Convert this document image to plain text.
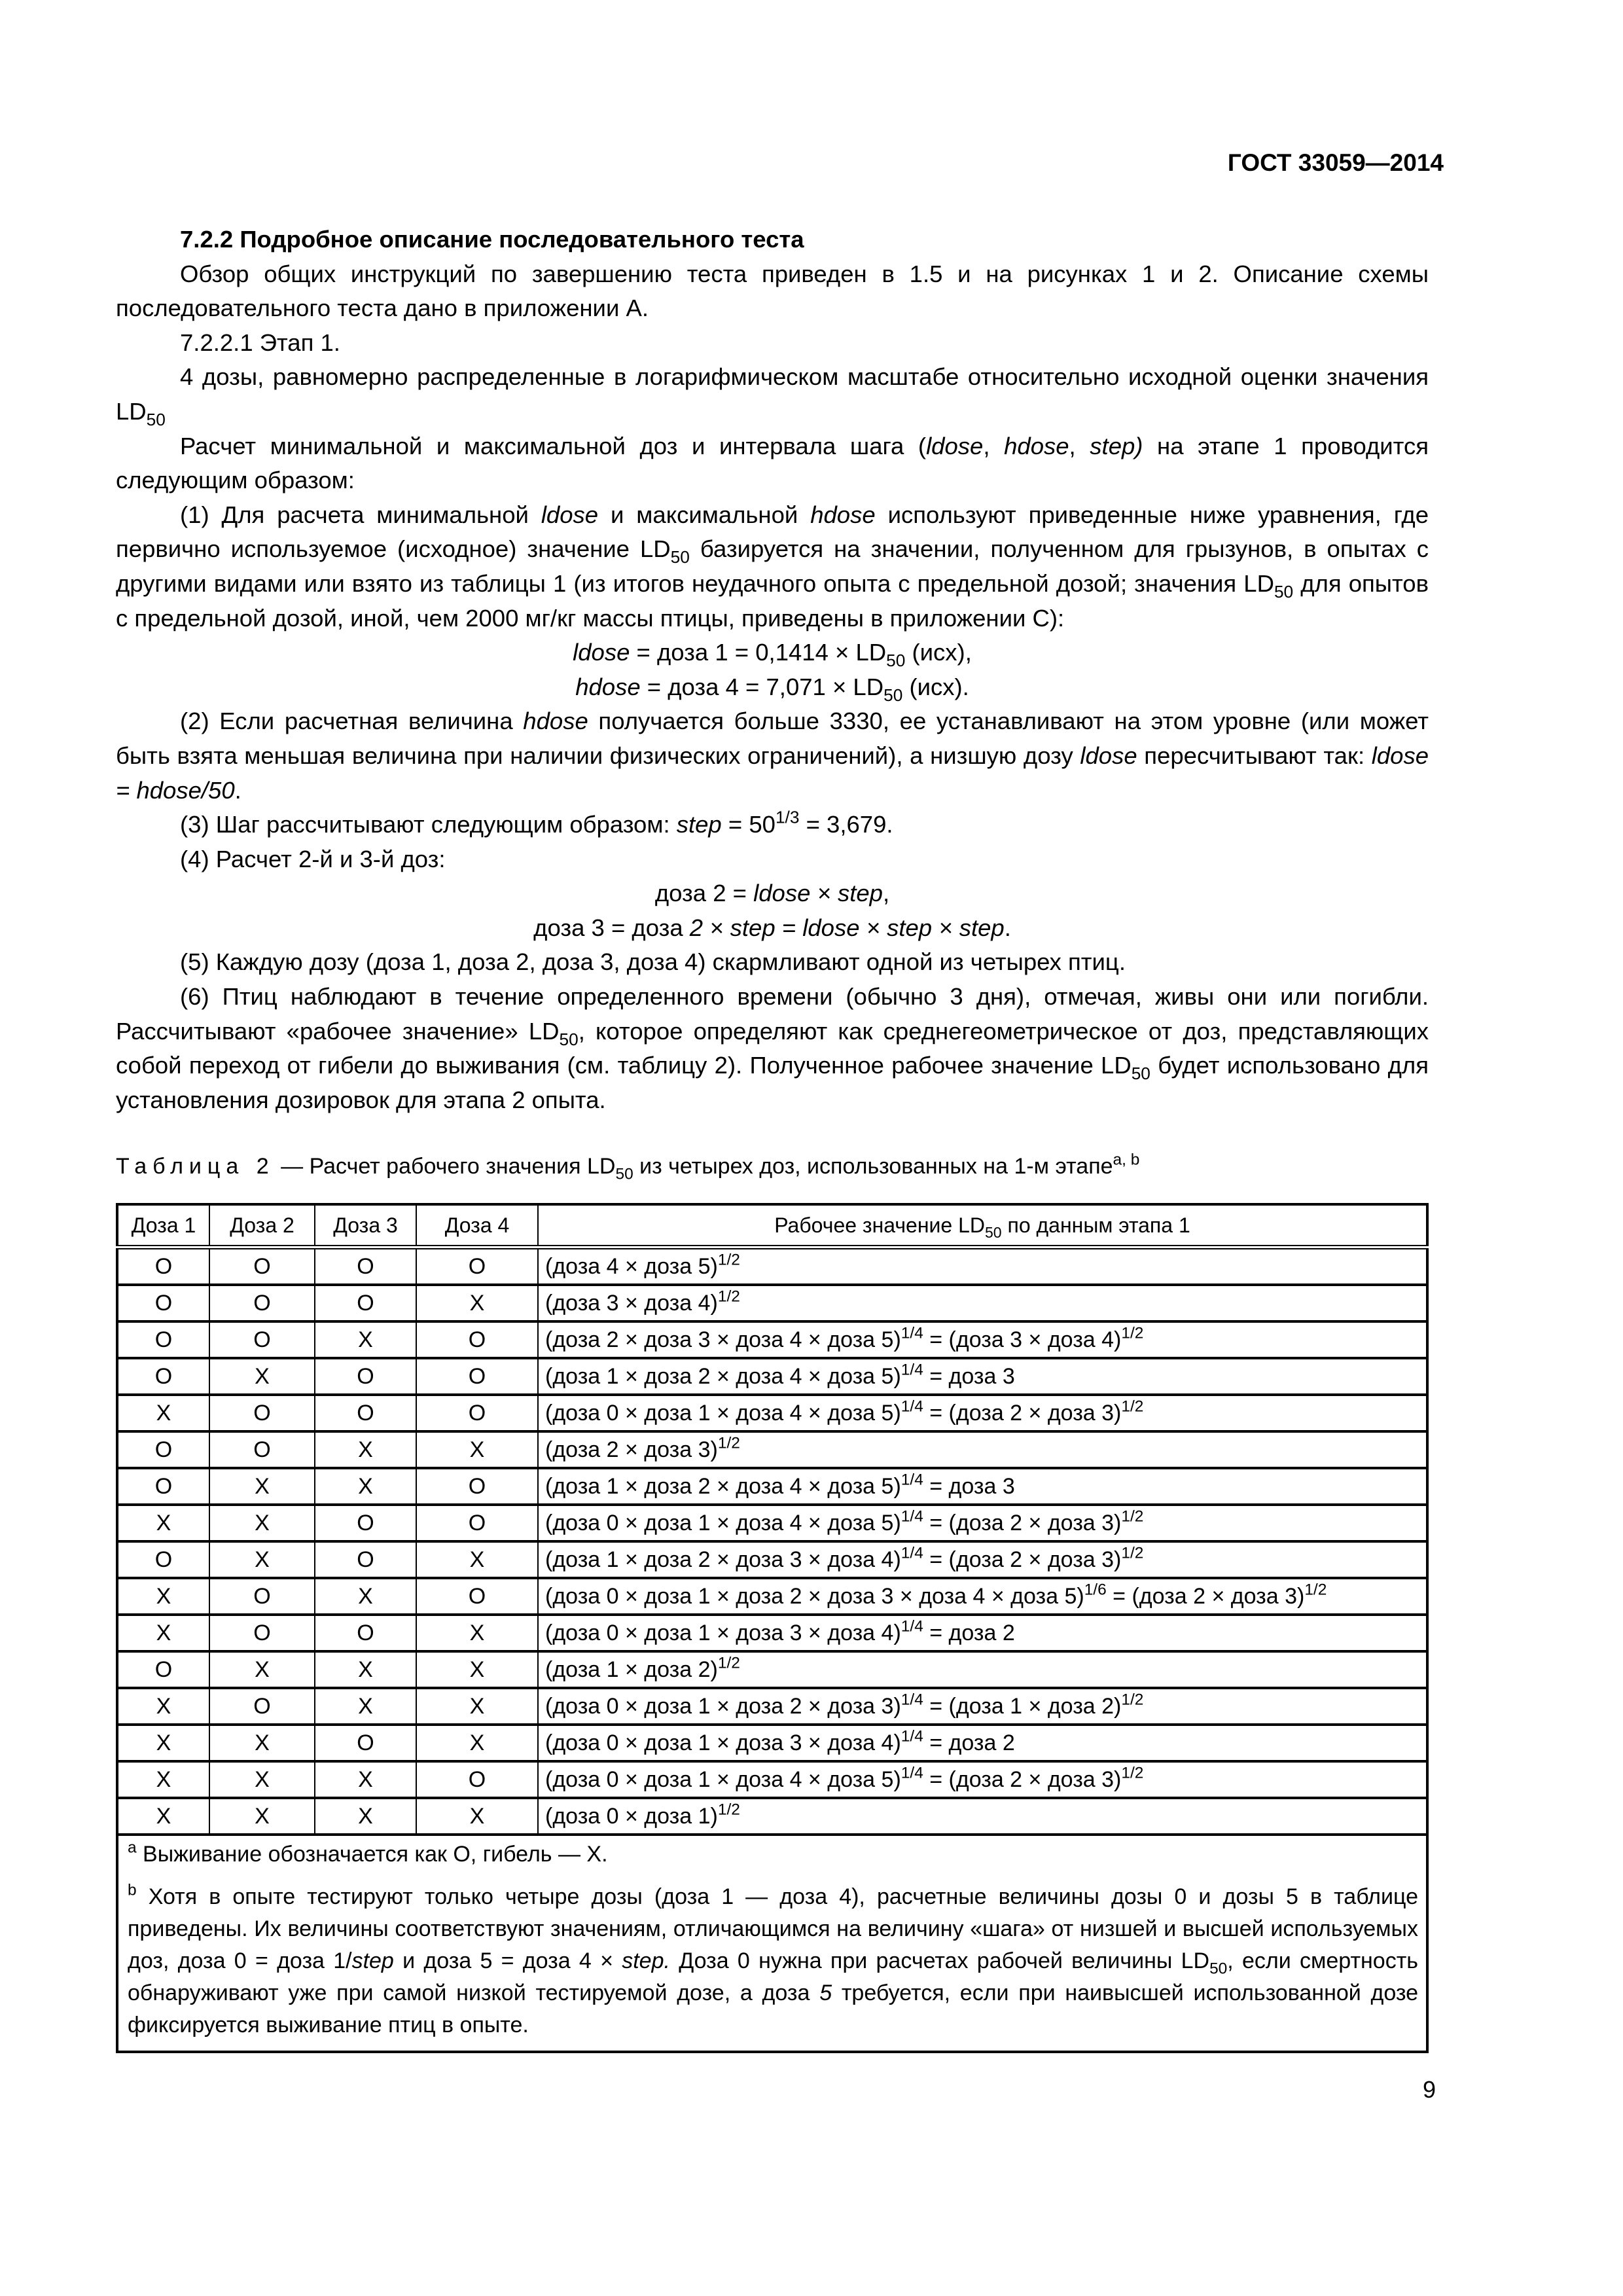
ГОСТ 33059—2014

7.2.2 Подробное описание последовательного теста

Обзор общих инструкций по завершению теста приведен в 1.5 и на рисунках 1 и 2. Описание схемы последовательного теста дано в приложении А.

7.2.2.1 Этап 1.

4 дозы, равномерно распределенные в логарифмическом масштабе относительно исходной оценки значения $LD_{50}$

Расчет минимальной и максимальной доз и интервала шага (ldose, hdose, step) на этапе 1 проводится следующим образом:

(1) Для расчета минимальной ldose и максимальной hdose используют приведенные ниже уравнения, где первично используемое (исходное) значение $LD_{50}$ базируется на значении, полученном для грызунов, в опытах с другими видами или взято из таблицы 1 (из итогов неудачного опыта с предельной дозой; значения $LD_{50}$ для опытов с предельной дозой, иной, чем 2000 мг/кг массы птицы, приведены в приложении С):

ldose = доза $1 = 0,1414 \times LD_{50}$ (исх),

hdose = доза $4 = 7,071 \times LD_{50}$ (исх).

(2) Если расчетная величина hdose получается больше 3330, ее устанавливают на этом уровне (или может быть взята меньшая величина при наличии физических ограничений), а низшую дозу ldose пересчитывают так: ldose = hdose/50.

(3) Шаг рассчитывают следующим образом: step = $50^{1/3} = 3,679$.

(4) Расчет 2-й и 3-й доз:

доза 2 = ldose × step,

доза 3 = доза 2 × step = ldose × step × step.

(5) Каждую дозу (доза 1, доза 2, доза 3, доза 4) скармливают одной из четырех птиц.

(6) Птиц наблюдают в течение определенного времени (обычно 3 дня), отмечая, живы они или погибли. Рассчитывают «рабочее значение» $LD_{50}$, которое определяют как среднегеометрическое от доз, представляющих собой переход от гибели до выживания (см. таблицу 2). Полученное рабочее значение $LD_{50}$ будет использовано для установления дозировок для этапа 2 опыта.

Таблица 2 — Расчет рабочего значения $LD_{50}$ из четырех доз, использованных на 1-м этапе$^{a, b}$
Доза 1	Доза 2	Доза 3	Доза 4	Рабочее значение $LD_{50}$ по данным этапа 1
O	O	O	O	(доза 4 × доза 5)$^{1/2}$
O	O	O	X	(доза 3 × доза 4)$^{1/2}$
O	O	X	O	(доза 2 × доза 3 × доза 4 × доза 5)$^{1/4}$ = (доза 3 × доза 4)$^{1/2}$
O	X	O	O	(доза 1 × доза 2 × доза 4 × доза 5)$^{1/4}$ = доза 3
X	O	O	O	(доза 0 × доза 1 × доза 4 × доза 5)$^{1/4}$ = (доза 2 × доза 3)$^{1/2}$
O	O	X	X	(доза 2 × доза 3)$^{1/2}$
O	X	X	O	(доза 1 × доза 2 × доза 4 × доза 5)$^{1/4}$ = доза 3
X	X	O	O	(доза 0 × доза 1 × доза 4 × доза 5)$^{1/4}$ = (доза 2 × доза 3)$^{1/2}$
O	X	O	X	(доза 1 × доза 2 × доза 3 × доза 4)$^{1/4}$ = (доза 2 × доза 3)$^{1/2}$
X	O	X	O	(доза 0 × доза 1 × доза 2 × доза 3 × доза 4 × доза 5)$^{1/6}$ = (доза 2 × доза 3)$^{1/2}$
X	O	O	X	(доза 0 × доза 1 × доза 3 × доза 4)$^{1/4}$ = доза 2
O	X	X	X	(доза 1 × доза 2)$^{1/2}$
X	O	X	X	(доза 0 × доза 1 × доза 2 × доза 3)$^{1/4}$ = (доза 1 × доза 2)$^{1/2}$
X	X	O	X	(доза 0 × доза 1 × доза 3 × доза 4)$^{1/4}$ = доза 2
X	X	X	O	(доза 0 × доза 1 × доза 4 × доза 5)$^{1/4}$ = (доза 2 × доза 3)$^{1/2}$
X	X	X	X	(доза 0 × доза 1)$^{1/2}$

$^a$ Выживание обозначается как О, гибель — Х.

$^b$ Хотя в опыте тестируют только четыре дозы (доза 1 — доза 4), расчетные величины дозы 0 и дозы 5 в таблице приведены. Их величины соответствуют значениям, отличающимся на величину «шага» от низшей и высшей используемых доз, доза 0 = доза 1/step и доза 5 = доза 4 × step. Доза 0 нужна при расчетах рабочей величины $LD_{50}$, если смертность обнаруживают уже при самой низкой тестируемой дозе, а доза 5 требуется, если при наивысшей использованной дозе фиксируется выживание птиц в опыте.				

9
